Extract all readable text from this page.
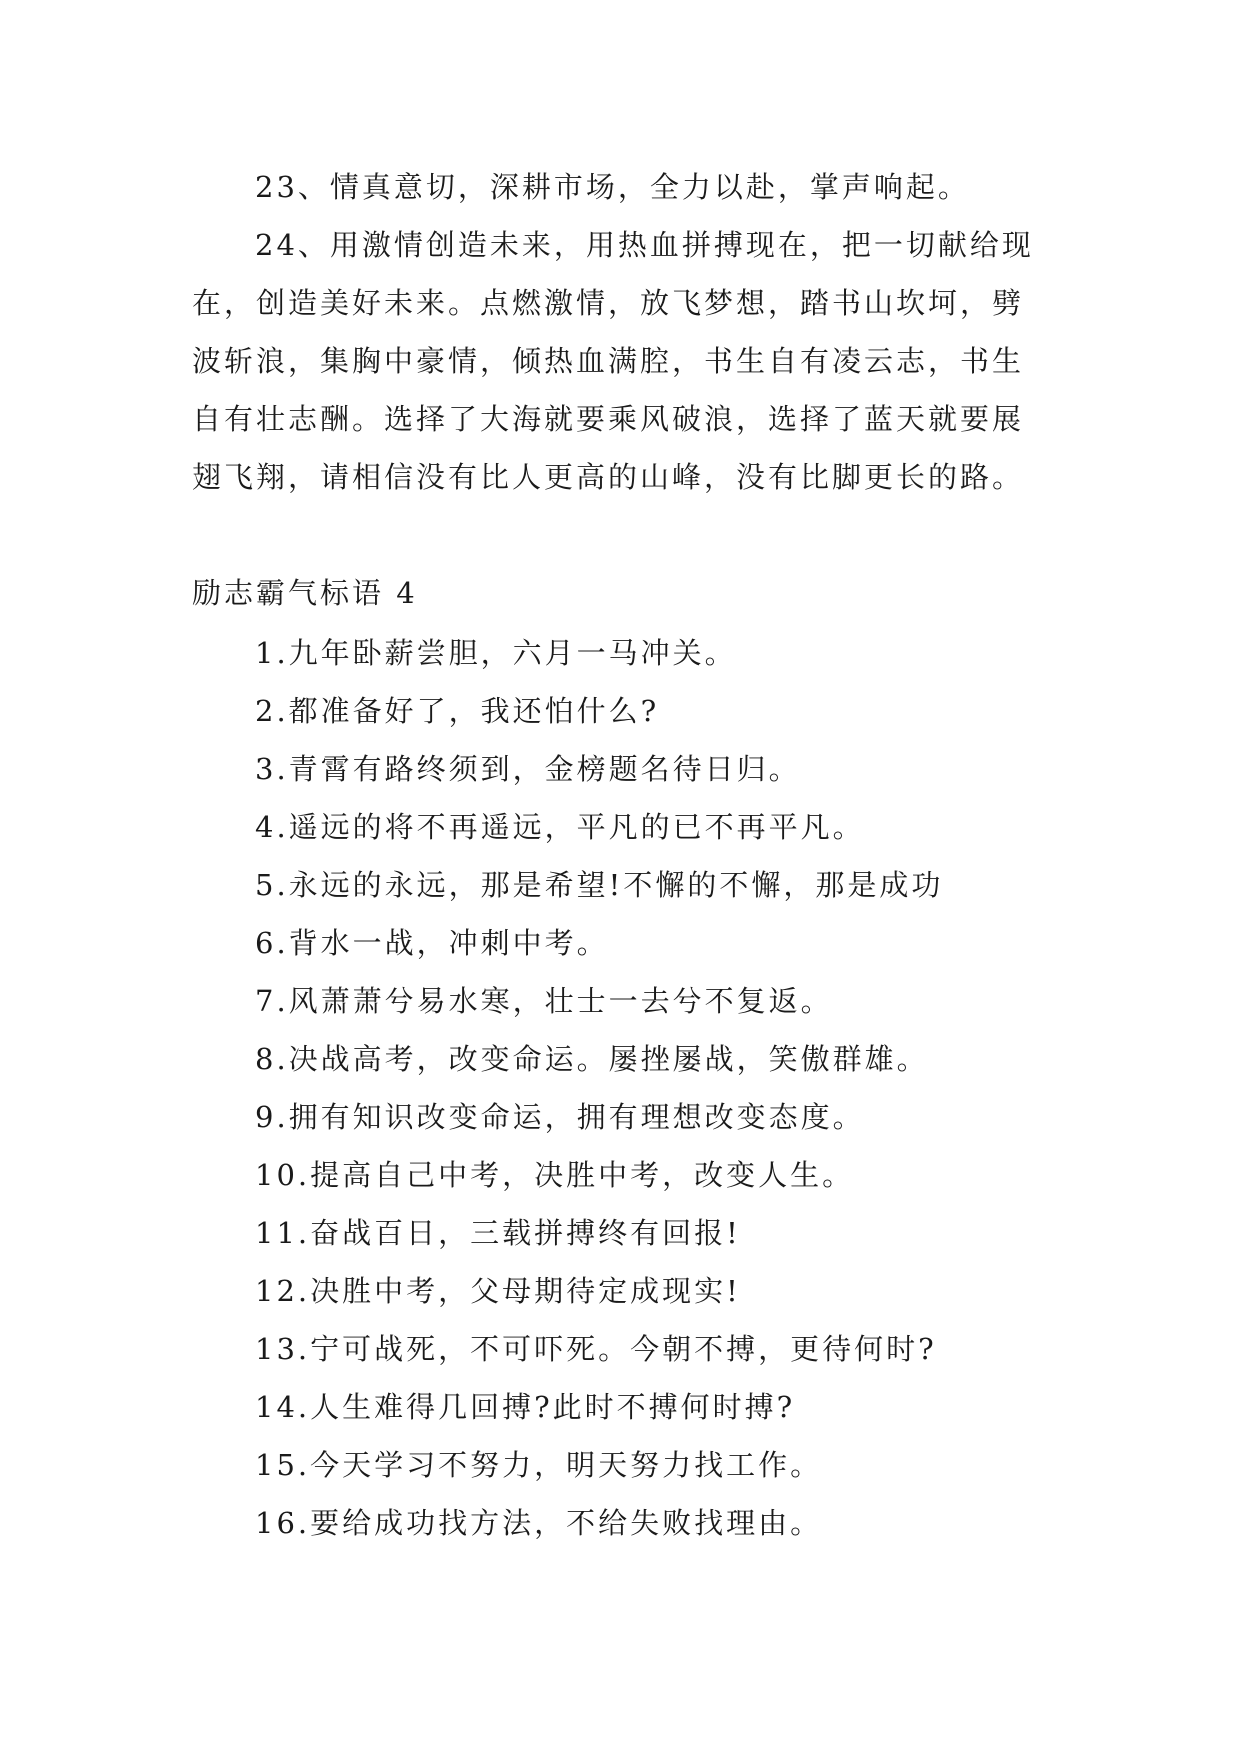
23、情真意切，深耕市场，全力以赴，掌声响起。

24、用激情创造未来，用热血拼搏现在，把一切献给现在，创造美好未来。点燃激情，放飞梦想，踏书山坎坷，劈波斩浪，集胸中豪情，倾热血满腔，书生自有凌云志，书生自有壮志酬。选择了大海就要乘风破浪，选择了蓝天就要展翅飞翔，请相信没有比人更高的山峰，没有比脚更长的路。

励志霸气标语 4
1.九年卧薪尝胆，六月一马冲关。
2.都准备好了，我还怕什么?
3.青霄有路终须到，金榜题名待日归。
4.遥远的将不再遥远，平凡的已不再平凡。
5.永远的永远，那是希望!不懈的不懈，那是成功
6.背水一战，冲刺中考。
7.风萧萧兮易水寒，壮士一去兮不复返。
8.决战高考，改变命运。屡挫屡战，笑傲群雄。
9.拥有知识改变命运，拥有理想改变态度。
10.提高自己中考，决胜中考，改变人生。
11.奋战百日，三载拼搏终有回报!
12.决胜中考，父母期待定成现实!
13.宁可战死，不可吓死。今朝不搏，更待何时?
14.人生难得几回搏?此时不搏何时搏?
15.今天学习不努力，明天努力找工作。
16.要给成功找方法，不给失败找理由。
